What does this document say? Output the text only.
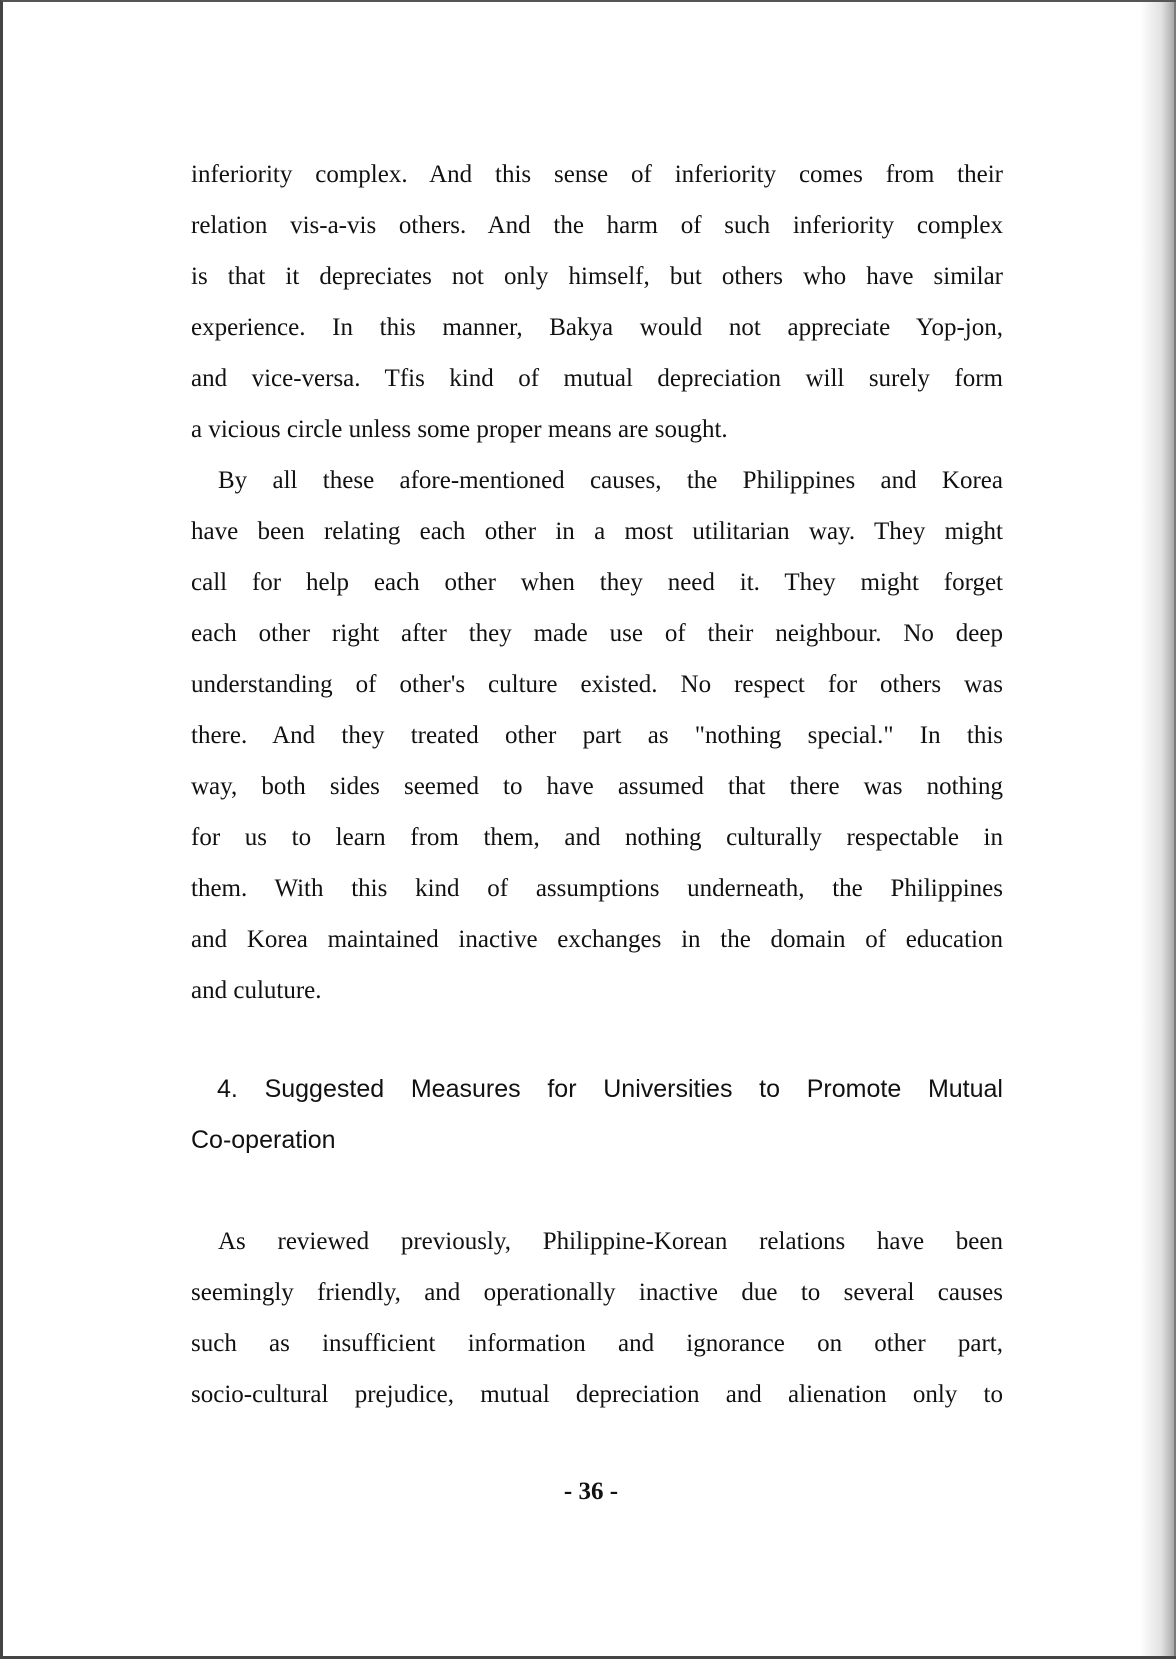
inferiority complex. And this sense of inferiority comes from their
relation vis-a-vis others. And the harm of such inferiority complex
is that it depreciates not only himself, but others who have similar
experience. In this manner, Bakya would not appreciate Yop-jon,
and vice-versa. Tfis kind of mutual depreciation will surely form
a vicious circle unless some proper means are sought.
By all these afore-mentioned causes, the Philippines and Korea
have been relating each other in a most utilitarian way. They might
call for help each other when they need it. They might forget
each other right after they made use of their neighbour. No deep
understanding of other's culture existed. No respect for others was
there. And they treated other part as "nothing special." In this
way, both sides seemed to have assumed that there was nothing
for us to learn from them, and nothing culturally respectable in
them. With this kind of assumptions underneath, the Philippines
and Korea maintained inactive exchanges in the domain of education
and culuture.
4. Suggested Measures for Universities to Promote Mutual
Co-operation
As reviewed previously, Philippine-Korean relations have been
seemingly friendly, and operationally inactive due to several causes
such as insufficient information and ignorance on other part,
socio-cultural prejudice, mutual depreciation and alienation only to
- 36 -
